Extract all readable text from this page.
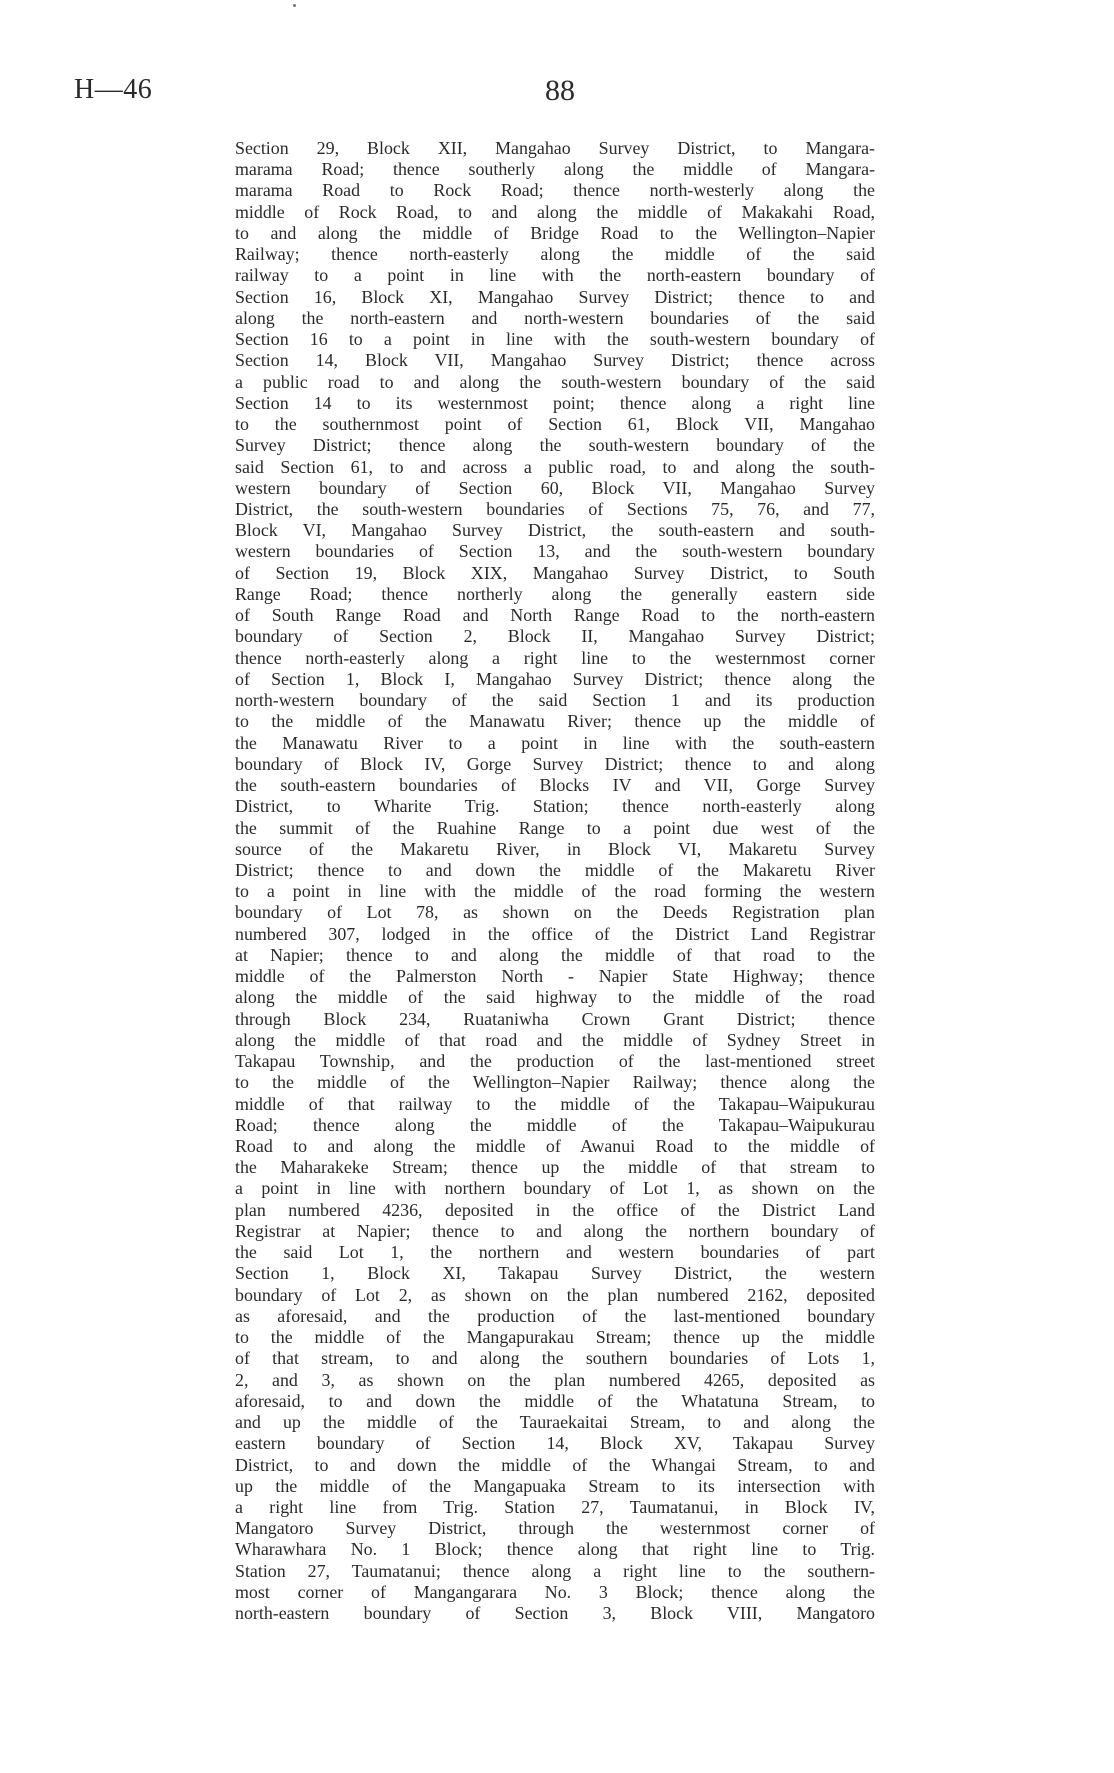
H—46	88
Section 29, Block XII, Mangahao Survey District, to Mangara-
marama Road; thence southerly along the middle of Mangara-
marama Road to Rock Road; thence north-westerly along the
middle of Rock Road, to and along the middle of Makakahi Road,
to and along the middle of Bridge Road to the Wellington–Napier
Railway; thence north-easterly along the middle of the said
railway to a point in line with the north-eastern boundary of
Section 16, Block XI, Mangahao Survey District; thence to and
along the north-eastern and north-western boundaries of the said
Section 16 to a point in line with the south-western boundary of
Section 14, Block VII, Mangahao Survey District; thence across
a public road to and along the south-western boundary of the said
Section 14 to its westernmost point; thence along a right line
to the southernmost point of Section 61, Block VII, Mangahao
Survey District; thence along the south-western boundary of the
said Section 61, to and across a public road, to and along the south-
western boundary of Section 60, Block VII, Mangahao Survey
District, the south-western boundaries of Sections 75, 76, and 77,
Block VI, Mangahao Survey District, the south-eastern and south-
western boundaries of Section 13, and the south-western boundary
of Section 19, Block XIX, Mangahao Survey District, to South
Range Road; thence northerly along the generally eastern side
of South Range Road and North Range Road to the north-eastern
boundary of Section 2, Block II, Mangahao Survey District;
thence north-easterly along a right line to the westernmost corner
of Section 1, Block I, Mangahao Survey District; thence along the
north-western boundary of the said Section 1 and its production
to the middle of the Manawatu River; thence up the middle of
the Manawatu River to a point in line with the south-eastern
boundary of Block IV, Gorge Survey District; thence to and along
the south-eastern boundaries of Blocks IV and VII, Gorge Survey
District, to Wharite Trig. Station; thence north-easterly along
the summit of the Ruahine Range to a point due west of the
source of the Makaretu River, in Block VI, Makaretu Survey
District; thence to and down the middle of the Makaretu River
to a point in line with the middle of the road forming the western
boundary of Lot 78, as shown on the Deeds Registration plan
numbered 307, lodged in the office of the District Land Registrar
at Napier; thence to and along the middle of that road to the
middle of the Palmerston North - Napier State Highway; thence
along the middle of the said highway to the middle of the road
through Block 234, Ruataniwha Crown Grant District; thence
along the middle of that road and the middle of Sydney Street in
Takapau Township, and the production of the last-mentioned street
to the middle of the Wellington–Napier Railway; thence along the
middle of that railway to the middle of the Takapau–Waipukurau
Road; thence along the middle of the Takapau–Waipukurau
Road to and along the middle of Awanui Road to the middle of
the Maharakeke Stream; thence up the middle of that stream to
a point in line with northern boundary of Lot 1, as shown on the
plan numbered 4236, deposited in the office of the District Land
Registrar at Napier; thence to and along the northern boundary of
the said Lot 1, the northern and western boundaries of part
Section 1, Block XI, Takapau Survey District, the western
boundary of Lot 2, as shown on the plan numbered 2162, deposited
as aforesaid, and the production of the last-mentioned boundary
to the middle of the Mangapurakau Stream; thence up the middle
of that stream, to and along the southern boundaries of Lots 1,
2, and 3, as shown on the plan numbered 4265, deposited as
aforesaid, to and down the middle of the Whatatuna Stream, to
and up the middle of the Tauraekaitai Stream, to and along the
eastern boundary of Section 14, Block XV, Takapau Survey
District, to and down the middle of the Whangai Stream, to and
up the middle of the Mangapuaka Stream to its intersection with
a right line from Trig. Station 27, Taumatanui, in Block IV,
Mangatoro Survey District, through the westernmost corner of
Wharawhara No. 1 Block; thence along that right line to Trig.
Station 27, Taumatanui; thence along a right line to the southern-
most corner of Mangangarara No. 3 Block; thence along the
north-eastern boundary of Section 3, Block VIII, Mangatoro
